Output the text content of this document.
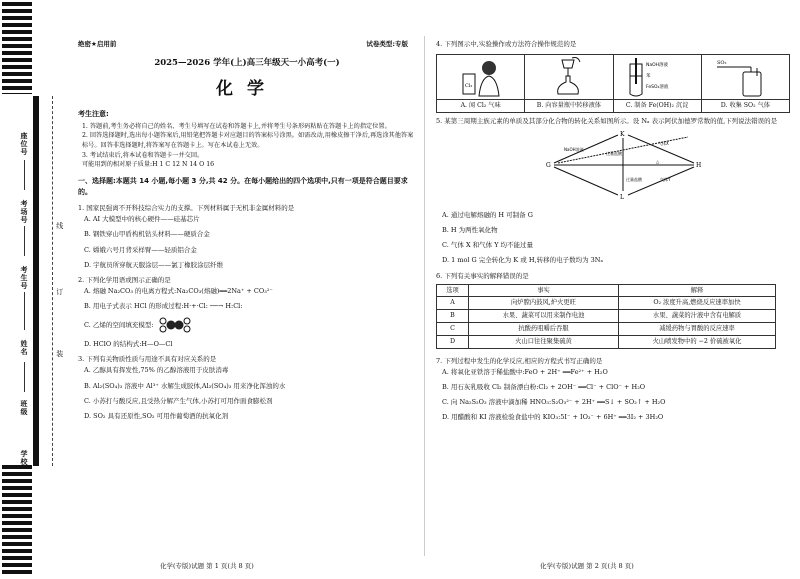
座位号
考场号
考生号
姓名
班级
学校
线
订
装
绝密★启用前	试卷类型:专版
2025—2026 学年(上)高三年级天一小高考(一)
化学
考生注意:

1. 答题前,考生务必将自己的姓名、考生号填写在试卷和答题卡上,并将考生号条形码粘贴在答题卡上的指定位置。

2. 回答选择题时,选出每小题答案后,用铅笔把答题卡对应题目的答案标号涂黑。如需改动,用橡皮擦干净后,再选涂其他答案标号。回答非选择题时,将答案写在答题卡上。写在本试卷上无效。

3. 考试结束后,将本试卷和答题卡一并交回。

可能用到的相对原子质量:H 1 C 12 N 14 O 16

一、选择题:本题共 14 小题,每小题 3 分,共 42 分。在每小题给出的四个选项中,只有一项是符合题目要求的。
1. 国家民强离不开科技综合实力的支撑。下列材料属于无机非金属材料的是
A. AI 大模型中的核心硬件——硅基芯片
B. 钢铁穿山甲盾构机钻头材料——硬质合金
C. 嫦娥六号月背采样臂——轻质铝合金
D. 宇航员所穿航天服涂层——氯丁橡胶涂层纤维
2. 下列化学用语或图示正确的是
A. 熔融 Na₂CO₃ 的电离方程式:Na₂CO₃(熔融)══2Na⁺ + CO₃²⁻
B. 用电子式表示 HCl 的形成过程:H·+·Cl: ──→ H:Cl:
C. 乙烯的空间填充模型:
D. HClO 的结构式:H—O—Cl
3. 下列有关物质性质与用途不具有对应关系的是
A. 乙醇具有挥发性,75% 的乙醇溶液用于皮肤消毒
B. Al₂(SO₄)₃ 溶液中 Al³⁺ 水解生成胶体,Al₂(SO₄)₃ 用来净化浑浊的水
C. 小苏打与酸反应,且受热分解产生气体,小苏打可用作面食膨松剂
D. SO₂ 具有还原性,SO₂ 可用作葡萄酒的抗氧化剂
化学(专版)试题 第 1 页(共 8 页)
4. 下列图示中,实验操作或方法符合操作规范的是
Cl₂
A. 闻 Cl₂ 气味	B. 向容量瓶中转移液体
NaOH溶液
苯
FeSO₄溶液
C. 制备 Fe(OH)₂ 沉淀
SO₂
D. 收集 SO₂ 气体
5. 某第三周期主族元素的单质及其部分化合物的转化关系如图所示。设 Nₐ 表示阿伏加德罗常数的值,下列说法错误的是
K
G	H
L
NaOH溶液
过量盐酸
气体X
△
气体Y
过量盐酸
A. 通过电解熔融的 H 可制备 G
B. H 为两性氧化物
C. 气体 X 和气体 Y 均不能过量
D. 1 mol G 完全转化为 K 或 H,转移的电子数均为 3Nₐ
6. 下列有关事实的解释错误的是
选项	事实	解释
A	向炉膛内鼓风,炉火更旺	O₂ 浓度升高,燃烧反应速率加快
B	水果、蔬菜可以用来制作电池	水果、蔬菜的汁液中含有电解质
C	抗酸药咀嚼后吞服	减缓药物与胃酸的反应速率
D	火山口往往聚集硫黄	火山喷发物中的 −2 价硫被氧化
7. 下列过程中发生的化学反应,相应的方程式书写正确的是
A. 将氧化亚铁溶于稀盐酸中:FeO + 2H⁺ ══Fe²⁺ + H₂O
B. 用石灰乳吸收 Cl₂ 制备漂白粉:Cl₂ + 2OH⁻ ══Cl⁻ + ClO⁻ + H₂O
C. 向 Na₂S₂O₃ 溶液中滴加稀 HNO₃:S₂O₃²⁻ + 2H⁺ ══S↓ + SO₂↑ + H₂O
D. 用醋酸和 KI 溶液检验食盐中的 KIO₃:5I⁻ + IO₃⁻ + 6H⁺ ══3I₂ + 3H₂O
化学(专版)试题 第 2 页(共 8 页)
